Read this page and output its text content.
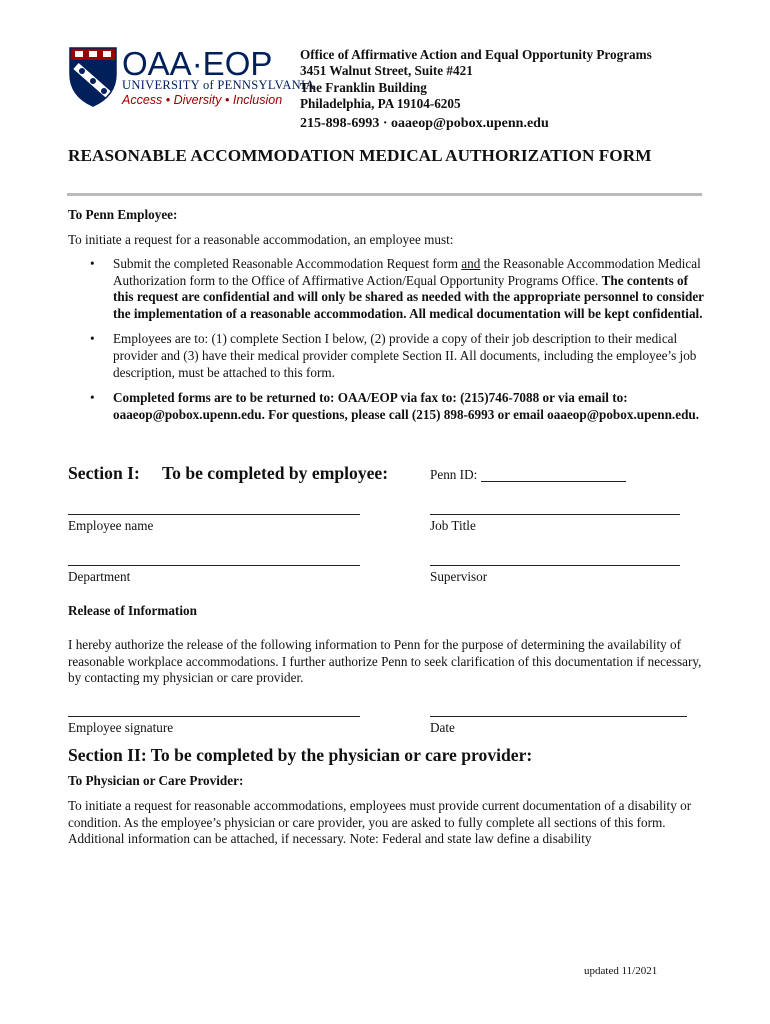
OAA·EOP
UNIVERSITY of PENNSYLVANIA
Access • Diversity • Inclusion
Office of Affirmative Action and Equal Opportunity Programs
3451 Walnut Street, Suite #421
The Franklin Building
Philadelphia, PA 19104-6205
215-898-6993 · oaaeop@pobox.upenn.edu
REASONABLE ACCOMMODATION MEDICAL AUTHORIZATION FORM
To Penn Employee:
To initiate a request for a reasonable accommodation, an employee must:
• Submit the completed Reasonable Accommodation Request form and the Reasonable Accommodation Medical Authorization form to the Office of Affirmative Action/Equal Opportunity Programs Office. The contents of this request are confidential and will only be shared as needed with the appropriate personnel to consider the implementation of a reasonable accommodation. All medical documentation will be kept confidential.
• Employees are to: (1) complete Section I below, (2) provide a copy of their job description to their medical provider and (3) have their medical provider complete Section II. All documents, including the employee’s job description, must be attached to this form.
• Completed forms are to be returned to: OAA/EOP via fax to: (215)746-7088 or via email to: oaaeop@pobox.upenn.edu. For questions, please call (215) 898-6993 or email oaaeop@pobox.upenn.edu.
Section I: To be completed by employee:	Penn ID:
Employee name	Job Title
Department	Supervisor
Release of Information
I hereby authorize the release of the following information to Penn for the purpose of determining the availability of reasonable workplace accommodations. I further authorize Penn to seek clarification of this documentation if necessary, by contacting my physician or care provider.
Employee signature	Date
Section II: To be completed by the physician or care provider:
To Physician or Care Provider:
To initiate a request for reasonable accommodations, employees must provide current documentation of a disability or condition. As the employee’s physician or care provider, you are asked to fully complete all sections of this form. Additional information can be attached, if necessary. Note: Federal and state law define a disability
updated 11/2021
